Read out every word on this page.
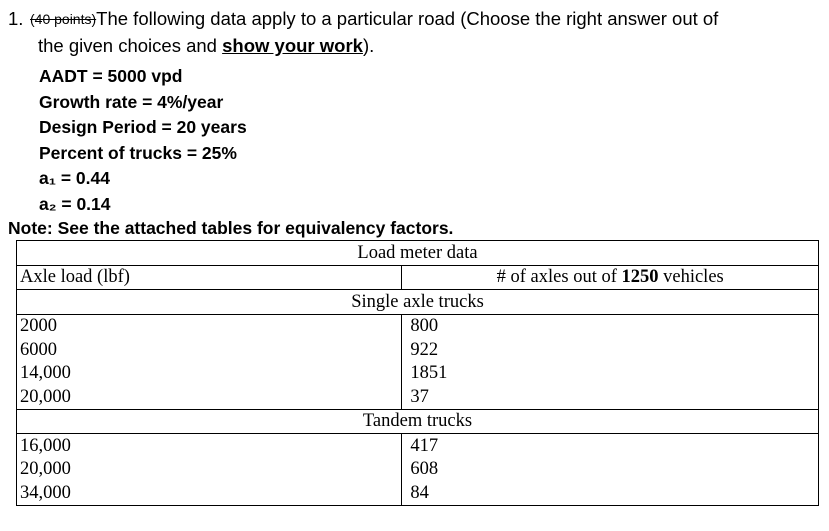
1. (40 points)The following data apply to a particular road (Choose the right answer out of
the given choices and show your work).
AADT = 5000 vpd
Growth rate = 4%/year
Design Period = 20 years
Percent of trucks = 25%
a₁ = 0.44
a₂ = 0.14
Note: See the attached tables for equivalency factors.
Load meter data	
Axle load (lbf)	# of axles out of 1250 vehicles
Single axle trucks	
2000	800
6000	922
14,000	1851
20,000	37
Tandem trucks	
16,000	417
20,000	608
34,000	84
